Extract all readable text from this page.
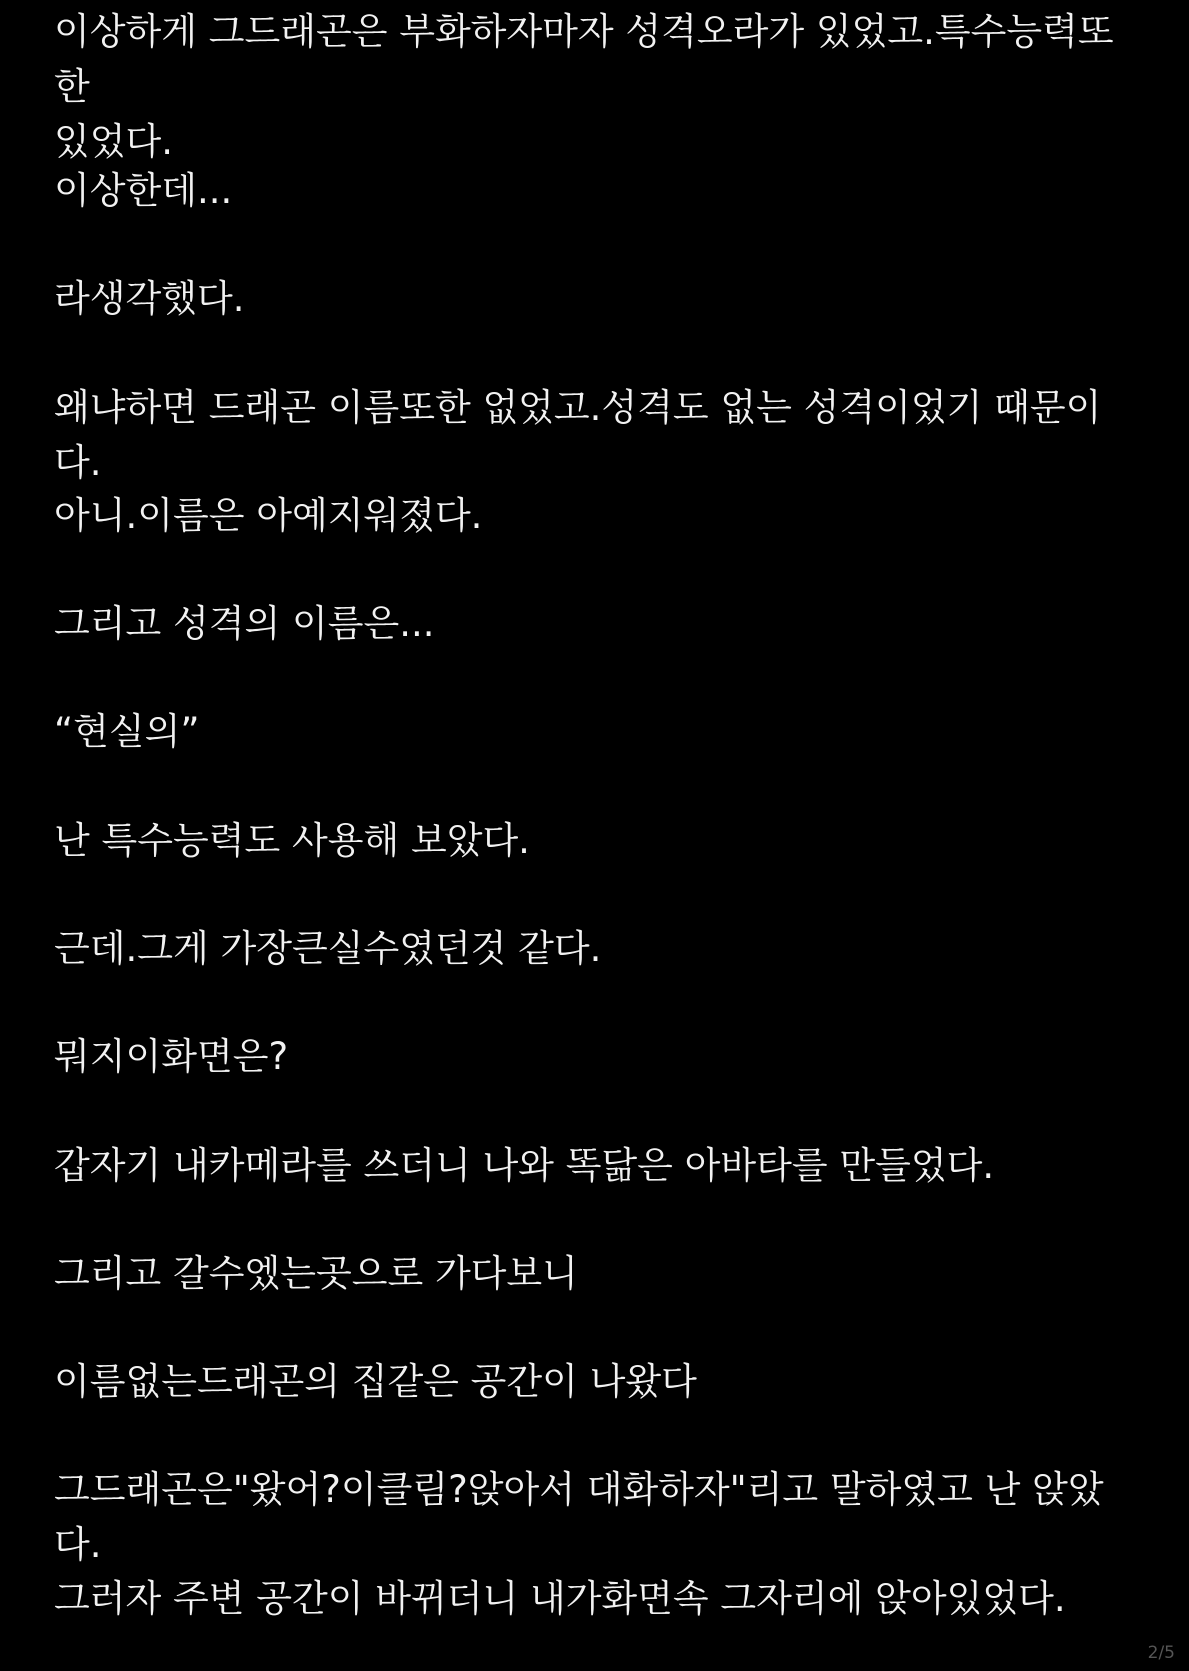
이상하게 그드래곤은 부화하자마자 성격오라가 있었고.특수능력또한
있었다.

이상한데...

라생각했다.

왜냐하면 드래곤 이름또한 없었고.성격도 없는 성격이었기 때문이다.

아니.이름은 아예지워졌다.

그리고 성격의 이름은...

“현실의”

난 특수능력도 사용해 보았다.

근데.그게 가장큰실수였던것 같다.

뭐지이화면은?

갑자기 내카메라를 쓰더니 나와 똑닮은 아바타를 만들었다.

그리고 갈수엤는곳으로 가다보니

이름없는드래곤의 집같은 공간이 나왔다

그드래곤은"왔어?이클림?앉아서 대화하자"리고 말하였고 난 앉았다.

그러자 주변 공간이 바뀌더니 내가화면속 그자리에 앉아있었다.

2/5
